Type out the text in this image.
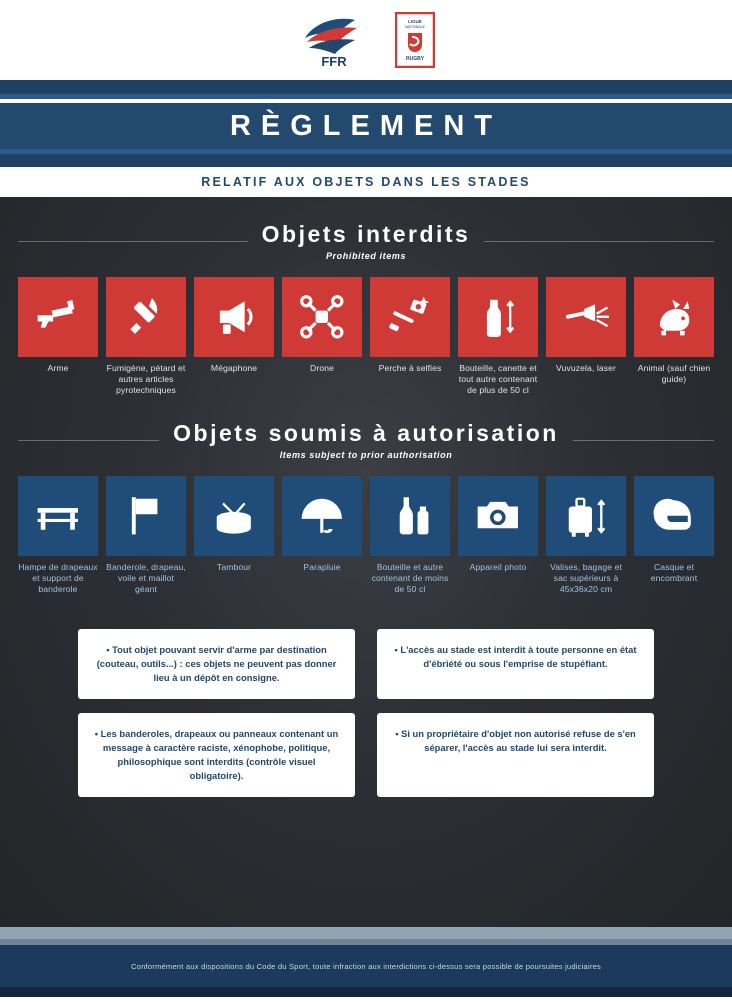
FFR
LIGUE
NATIONALE
RUGBY
RÈGLEMENT
RELATIF AUX OBJETS DANS LES STADES
Objets interdits
Prohibited items
Arme	Fumigène, pétard et autres articles pyrotechniques
Mégaphone	Drone	Perche à selfies	Bouteille, canette et tout autre contenant de plus de 50 cl
Vuvuzela, laser	Animal (sauf chien guide)
Objets soumis à autorisation
Items subject to prior authorisation
Hampe de drapeaux et support de banderole
Banderole, drapeau, voile et maillot géant
Tambour	Parapluie	Bouteille et autre contenant de moins de 50 cl
Appareil photo	Valises, bagage et sac supérieurs à 45x36x20 cm
Casque et encombrant
• Tout objet pouvant servir d'arme par destination (couteau, outils...) : ces objets ne peuvent pas donner lieu à un dépôt en consigne.
• L'accès au stade est interdit à toute personne en état d'ébriété ou sous l'emprise de stupéfiant.
• Les banderoles, drapeaux ou panneaux contenant un message à caractère raciste, xénophobe, politique, philosophique sont interdits (contrôle visuel obligatoire).
• Si un propriétaire d'objet non autorisé refuse de s'en séparer, l'accès au stade lui sera interdit.

Conformément aux dispositions du Code du Sport, toute infraction aux interdictions ci-dessus sera possible de poursuites judiciaires
